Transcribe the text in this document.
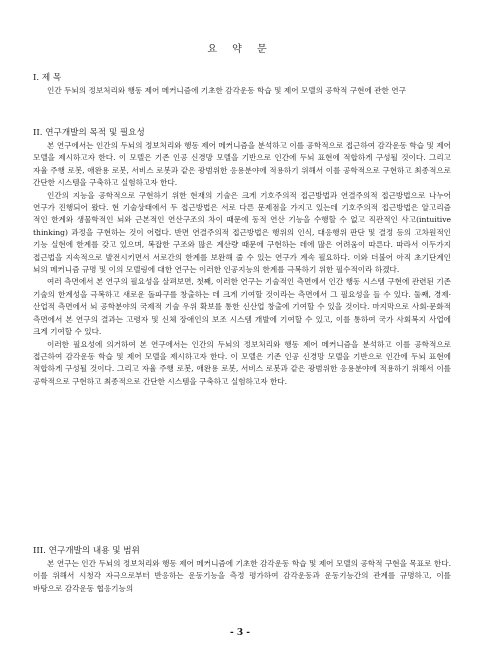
요 약 문
I. 제 목

인간 두뇌의 정보처리와 행동 제어 메커니즘에 기초한 감각운동 학습 및 제어 모델의 공학적 구현에 관한 연구

II. 연구개발의 목적 및 필요성

본 연구에서는 인간의 두뇌의 정보처리와 행동 제어 메커니즘을 분석하고 이를 공학적으로 접근하여 감각운동 학습 및 제어 모델을 제시하고자 한다. 이 모델은 기존 인공 신경망 모델을 기반으로 인간에 두뇌 표현에 적합하게 구성될 것이다. 그리고 자율 주행 로봇, 애완용 로봇, 서비스 로봇과 같은 광범위한 응용분야에 적용하기 위해서 이를 공학적으로 구현하고 최종적으로 간단한 시스템을 구축하고 실험하고자 한다.

인간의 지능을 공학적으로 구현하기 위한 현재의 기술은 크게 기호주의적 접근방법과 연결주의적 접근방법으로 나누어 연구가 진행되어 왔다. 현 기술상태에서 두 접근방법은 서로 다른 문제점을 가지고 있는데 기호주의적 접근방법은 알고리즘 적인 한계와 생물학적인 뇌와 근본적인 연산구조의 차이 때문에 동적 연산 기능을 수행할 수 없고 직관적인 사고(intuitive thinking) 과정을 구현하는 것이 어렵다. 반면 연결주의적 접근방법은 행위의 인식, 대응행위 판단 및 결정 등의 고차원적인 기능 실현에 한계를 갖고 있으며, 복잡한 구조와 많은 계산량 때문에 구현하는 데에 많은 어려움이 따른다. 따라서 이두가지 접근법을 지속적으로 발전시키면서 서로간의 한계를 보완해 줄 수 있는 연구가 계속 필요하다. 이와 더불어 아직 초기단계인 뇌의 메커니즘 규명 및 이의 모델링에 대한 연구는 이러한 인공지능의 한계를 극복하기 위한 필수적이라 하겠다.

여러 측면에서 본 연구의 필요성을 살펴보면, 첫째, 이러한 연구는 기술적인 측면에서 인간 행동 시스템 구현에 관련된 기존 기술의 한계성을 극복하고 새로운 돌파구를 창출하는 데 크게 기여할 것이라는 측면에서 그 필요성을 들 수 있다. 둘째, 경제·산업적 측면에서 뇌 공학분야의 국제적 기술 우위 확보를 통한 신산업 창출에 기여할 수 있을 것이다. 마지막으로 사회·문화적 측면에서 본 연구의 결과는 고령자 및 신체 장애인의 보조 시스템 개발에 기여할 수 있고, 이를 통하여 국가 사회복지 사업에 크게 기여할 수 있다.

이러한 필요성에 의거하여 본 연구에서는 인간의 두뇌의 정보처리와 행동 제어 메커니즘을 분석하고 이를 공학적으로 접근하여 감각운동 학습 및 제어 모델을 제시하고자 한다. 이 모델은 기존 인공 신경망 모델을 기반으로 인간에 두뇌 표현에 적합하게 구성될 것이다. 그리고 자율 주행 로봇, 애완용 로봇, 서비스 로봇과 같은 광범위한 응용분야에 적용하기 위해서 이를 공학적으로 구현하고 최종적으로 간단한 시스템을 구축하고 실험하고자 한다.

III. 연구개발의 내용 및 범위

본 연구는 인간 두뇌의 정보처리와 행동 제어 메커니즘에 기초한 감각운동 학습 및 제어 모델의 공학적 구현을 목표로 한다. 이를 위해서 시청각 자극으로부터 반응하는 운동기능을 측정 평가하여 감각운동과 운동기능간의 관계를 규명하고, 이를 바탕으로 감각운동 협응기능의

- 3 -
